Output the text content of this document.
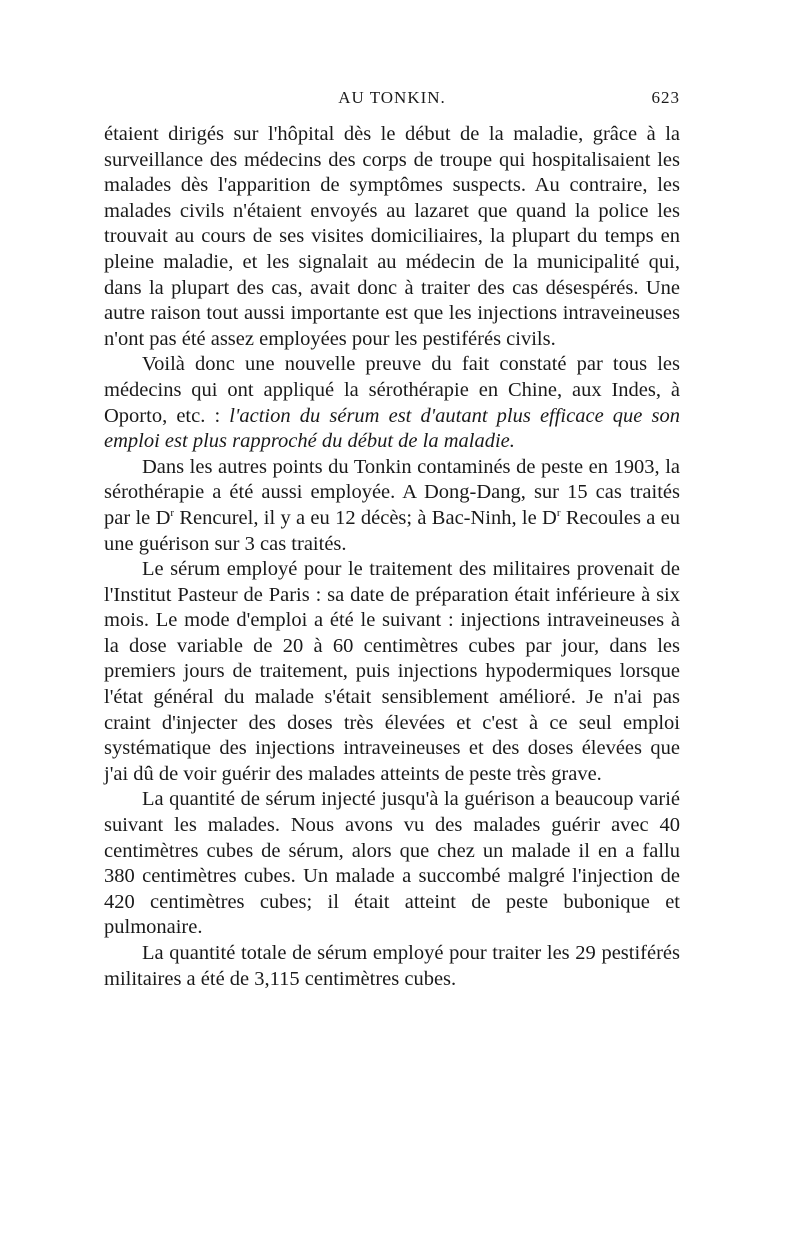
AU TONKIN.	623

étaient dirigés sur l'hôpital dès le début de la maladie, grâce à la surveillance des médecins des corps de troupe qui hospitalisaient les malades dès l'apparition de symptômes suspects. Au contraire, les malades civils n'étaient envoyés au lazaret que quand la police les trouvait au cours de ses visites domiciliaires, la plupart du temps en pleine maladie, et les signalait au médecin de la municipalité qui, dans la plupart des cas, avait donc à traiter des cas désespérés. Une autre raison tout aussi importante est que les injections intraveineuses n'ont pas été assez employées pour les pestiférés civils.

Voilà donc une nouvelle preuve du fait constaté par tous les médecins qui ont appliqué la sérothérapie en Chine, aux Indes, à Oporto, etc. : l'action du sérum est d'autant plus efficace que son emploi est plus rapproché du début de la maladie.

Dans les autres points du Tonkin contaminés de peste en 1903, la sérothérapie a été aussi employée. A Dong-Dang, sur 15 cas traités par le $D^r$ Rencurel, il y a eu 12 décès; à Bac-Ninh, le $D^r$ Recoules a eu une guérison sur 3 cas traités.

Le sérum employé pour le traitement des militaires provenait de l'Institut Pasteur de Paris : sa date de préparation était inférieure à six mois. Le mode d'emploi a été le suivant : injections intraveineuses à la dose variable de 20 à 60 centimètres cubes par jour, dans les premiers jours de traitement, puis injections hypodermiques lorsque l'état général du malade s'était sensiblement amélioré. Je n'ai pas craint d'injecter des doses très élevées et c'est à ce seul emploi systématique des injections intraveineuses et des doses élevées que j'ai dû de voir guérir des malades atteints de peste très grave.

La quantité de sérum injecté jusqu'à la guérison a beaucoup varié suivant les malades. Nous avons vu des malades guérir avec 40 centimètres cubes de sérum, alors que chez un malade il en a fallu 380 centimètres cubes. Un malade a succombé malgré l'injection de 420 centimètres cubes; il était atteint de peste bubonique et pulmonaire.

La quantité totale de sérum employé pour traiter les 29 pestiférés militaires a été de 3,115 centimètres cubes.
